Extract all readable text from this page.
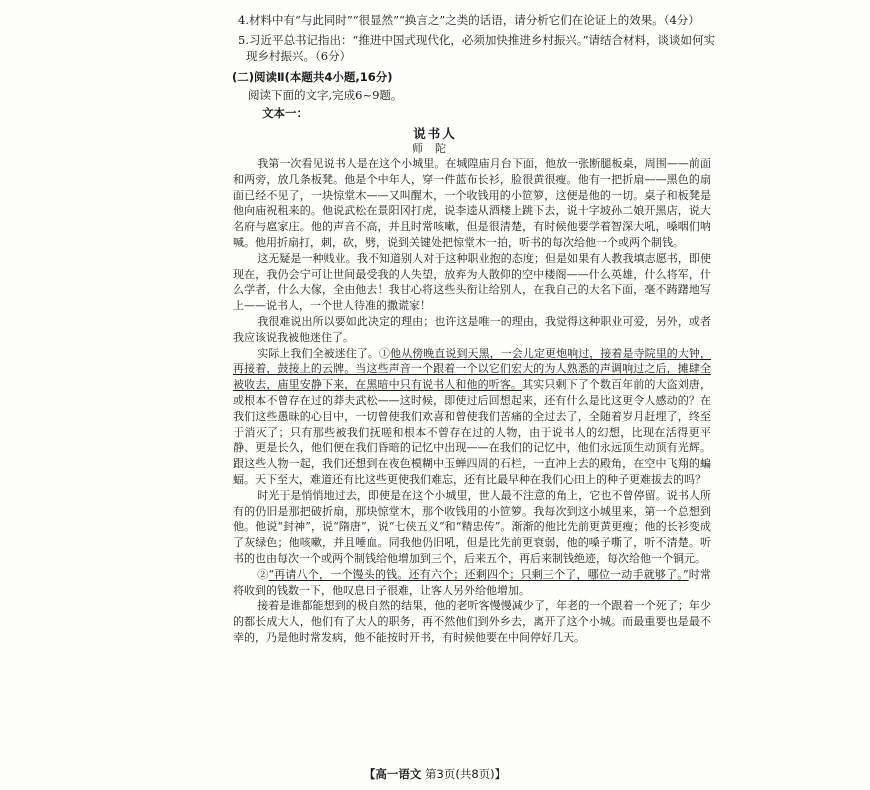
4.材料中有“与此同时”“很显然”“换言之”之类的话语，请分析它们在论证上的效果。（4分）
5.习近平总书记指出：“推进中国式现代化，必须加快推进乡村振兴。”请结合材料，谈谈如何实
现乡村振兴。（6分）
(二)阅读Ⅱ(本题共4小题,16分)
阅读下面的文字,完成6~9题。
文本一：
说书人
师陀

我第一次看见说书人是在这个小城里。在城隍庙月台下面，他放一张断腿板桌，周围——前面和两旁，放几条板凳。他是个中年人，穿一件蓝布长衫，脸很黄很瘦。他有一把折扇——黑色的扇面已经不见了，一块惊堂木——又叫醒木，一个收钱用的小笸箩，这便是他的一切。桌子和板凳是他向庙祝租来的。他说武松在景阳冈打虎，说李逵从酒楼上跳下去，说十字坡孙二娘开黑店，说大名府与扈家庄。他的声音不高，并且时常咳嗽，但是很清楚，有时候他要学着智深大吼，嗓咽们呐喊。他用折扇打，刺，砍，劈，说到关键处把惊堂木一拍，听书的每次给他一个或两个制钱。

这无疑是一种贱业。我不知道别人对于这种职业抱的态度；但是如果有人教我填志愿书，即使现在，我仍会宁可让世间最受我的人失望，放弃为人散仰的空中楼阁——什么英雄，什么将军，什么学者，什么大傢，全由他去！我甘心将这些头衔让给别人，在我自己的大名下面，毫不踌躇地写上——说书人，一个世人待准的撒谎家！

我很难说出所以要如此决定的理由；也许这是唯一的理由，我觉得这种职业可爱，另外，或者我应该说我被他迷住了。

实际上我们全被迷住了。①他从傍晚直说到天黑，一会儿定更炮响过，接着是寺院里的大钟，再接着，鼓接上的云牌。当这些声音一个跟着一个以它们宏大的为人熟悉的声调响过之后，摊肆全被收去，庙里安静下来，在黑暗中只有说书人和他的听客。其实只剩下了个数百年前的大盗刘唐，或根本不曾存在过的莽夫武松——这时候，即使过后回想起来，还有什么是比这更令人感动的？在我们这些愚昧的心目中，一切曾使我们欢喜和曾使我们苦痛的全过去了，全随着岁月赶埋了，终至于消灭了；只有那些被我们抚嗟和根本不曾存在过的人物，由于说书人的幻想，比现在活得更平静、更是长久，他们便在我们昏暗的记忆中出现——在我们的记忆中，他们永远顶生动顶有光辉。跟这些人物一起，我们还想到在夜色模糊中玉蝉四周的石栏，一直冲上去的殿角，在空中飞翔的蝙蝠。天下至大，难道还有比这些更使我们难忘，还有比最早种在我们心田上的种子更难拔去的吗？

时光于是悄悄地过去，即使是在这个小城里，世人最不注意的角上，它也不曾停留。说书人所有的仍旧是那把破折扇，那块惊堂木，那个收钱用的小笸箩。我每次到这小城里来，第一个总想到他。他说“封神”，说“隋唐”，说“七侠五义”和“精忠传”。渐渐的他比先前更黄更瘦；他的长衫变成了灰绿色；他咳嗽，并且唾血。同我他仍旧吼，但是比先前更衰弱，他的嗓子嘶了，听不清楚。听书的也由每次一个或两个制钱给他增加到三个，后来五个，再后来制钱绝迹，每次给他一个铜元。

②“再请八个，一个馒头的钱。还有六个；还剩四个；只剩三个了，哪位一动手就够了。”时常将收到的钱数一下，他叹息日子很难，让客人另外给他增加。

接着是谁都能想到的极自然的结果，他的老听客慢慢减少了，年老的一个跟着一个死了；年少的都长成大人，他们有了大人的职务，再不然他们到外乡去，离开了这个小城。而最重要也是最不幸的，乃是他时常发病，他不能按时开书，有时候他要在中间停好几天。

【高一语文 第3页(共8页)】
